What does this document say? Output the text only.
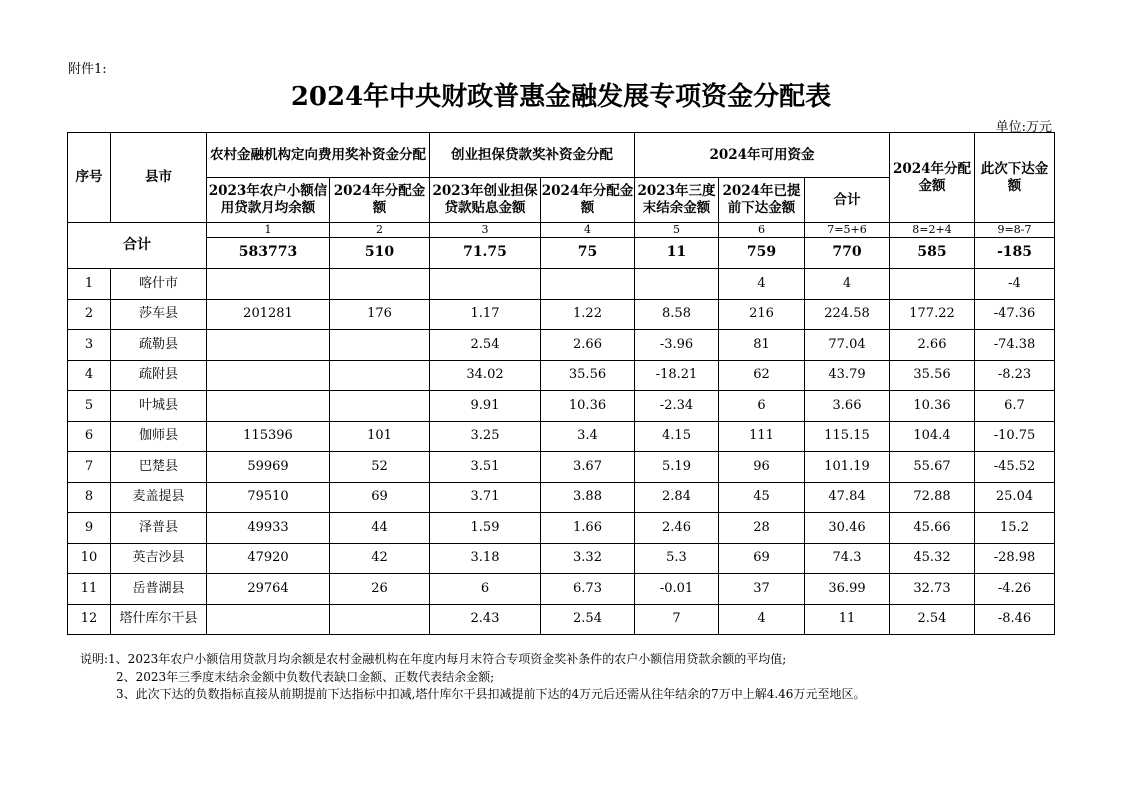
附件1:
2024年中央财政普惠金融发展专项资金分配表
单位:万元
序号	县市	农村金融机构定向费用奖补资金分配		创业担保贷款奖补资金分配		2024年可用资金			2024年分配金额	此次下达金额
		2023年农户小额信用贷款月均余额	2024年分配金额	2023年创业担保贷款贴息金额	2024年分配金额	2023年三度末结余金额	2024年已提前下达金额	合计		
合计		1	2	3	4	5	6	7=5+6	8=2+4	9=8-7
		583773	510	71.75	75	11	759	770	585	-185
1	喀什市						4	4		-4
2	莎车县	201281	176	1.17	1.22	8.58	216	224.58	177.22	-47.36
3	疏勒县			2.54	2.66	-3.96	81	77.04	2.66	-74.38
4	疏附县			34.02	35.56	-18.21	62	43.79	35.56	-8.23
5	叶城县			9.91	10.36	-2.34	6	3.66	10.36	6.7
6	伽师县	115396	101	3.25	3.4	4.15	111	115.15	104.4	-10.75
7	巴楚县	59969	52	3.51	3.67	5.19	96	101.19	55.67	-45.52
8	麦盖提县	79510	69	3.71	3.88	2.84	45	47.84	72.88	25.04
9	泽普县	49933	44	1.59	1.66	2.46	28	30.46	45.66	15.2
10	英吉沙县	47920	42	3.18	3.32	5.3	69	74.3	45.32	-28.98
11	岳普湖县	29764	26	6	6.73	-0.01	37	36.99	32.73	-4.26
12	塔什库尔干县			2.43	2.54	7	4	11	2.54	-8.46
说明:1、2023年农户小额信用贷款月均余额是农村金融机构在年度内每月末符合专项资金奖补条件的农户小额信用贷款余额的平均值;
2、2023年三季度末结余金额中负数代表缺口金额、正数代表结余金额;
3、此次下达的负数指标直接从前期提前下达指标中扣减,塔什库尔干县扣减提前下达的4万元后还需从往年结余的7万中上解4.46万元至地区。
